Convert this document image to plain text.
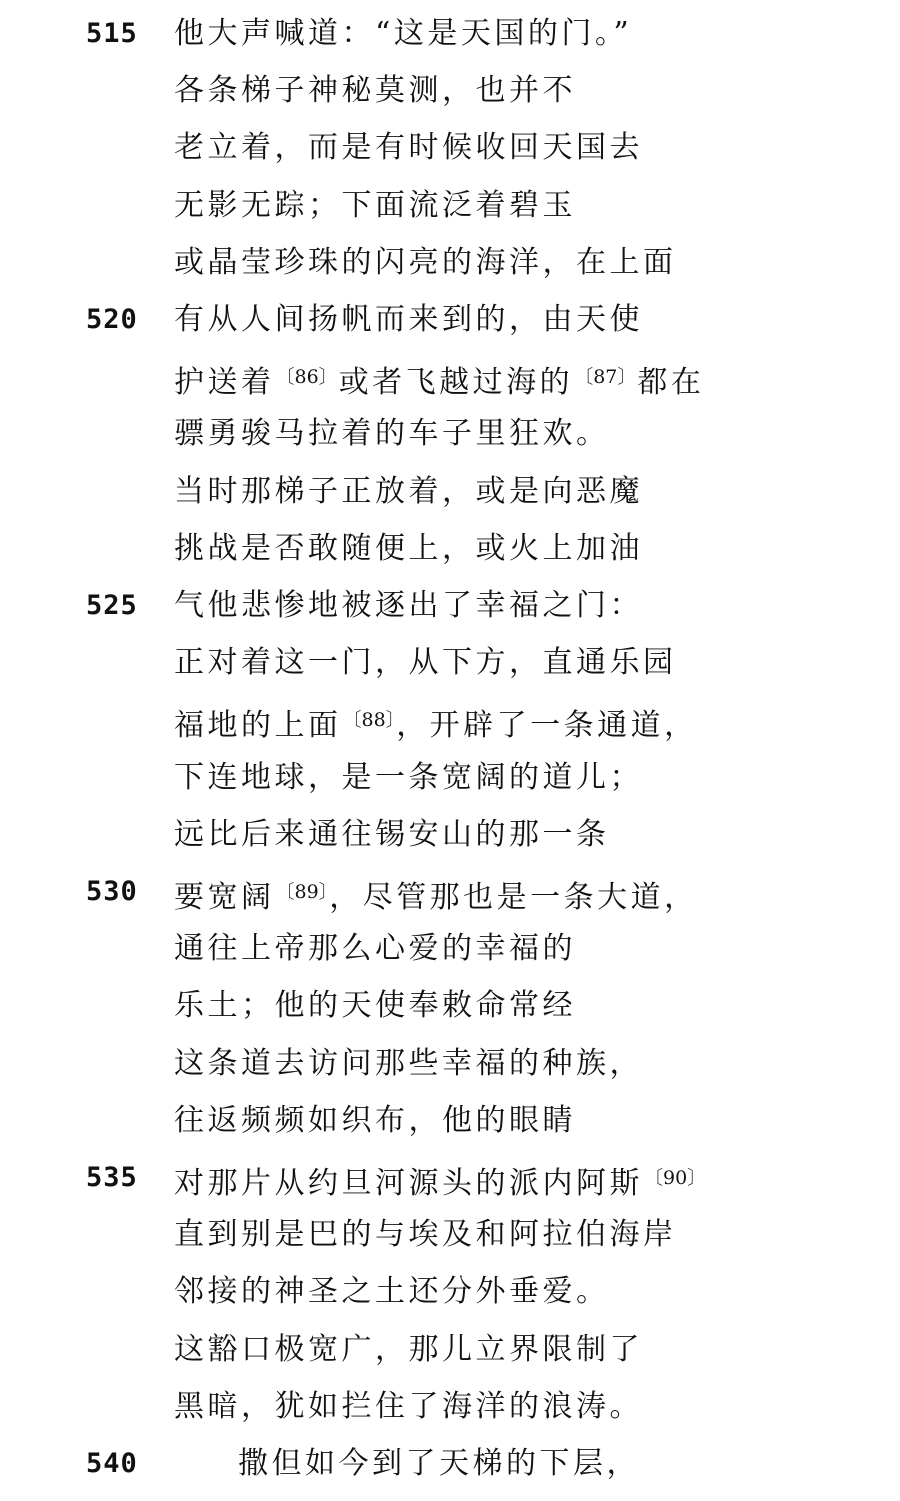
515 他大声喊道：“这是天国的门。”
各条梯子神秘莫测，也并不
老立着，而是有时候收回天国去
无影无踪；下面流泛着碧玉
或晶莹珍珠的闪亮的海洋，在上面
520 有从人间扬帆而来到的，由天使
护送着$^{〔86〕}$或者飞越过海的$^{〔87〕}$都在
骠勇骏马拉着的车子里狂欢。
当时那梯子正放着，或是向恶魔
挑战是否敢随便上，或火上加油
525 气他悲惨地被逐出了幸福之门：
正对着这一门，从下方，直通乐园
福地的上面$^{〔88〕}$，开辟了一条通道，
下连地球，是一条宽阔的道儿；
远比后来通往锡安山的那一条
530 要宽阔$^{〔89〕}$，尽管那也是一条大道，
通往上帝那么心爱的幸福的
乐土；他的天使奉敕命常经
这条道去访问那些幸福的种族，
往返频频如织布，他的眼睛
535 对那片从约旦河源头的派内阿斯$^{〔90〕}$
直到别是巴的与埃及和阿拉伯海岸
邻接的神圣之土还分外垂爱。
这豁口极宽广，那儿立界限制了
黑暗，犹如拦住了海洋的浪涛。
540	撒但如今到了天梯的下层，
